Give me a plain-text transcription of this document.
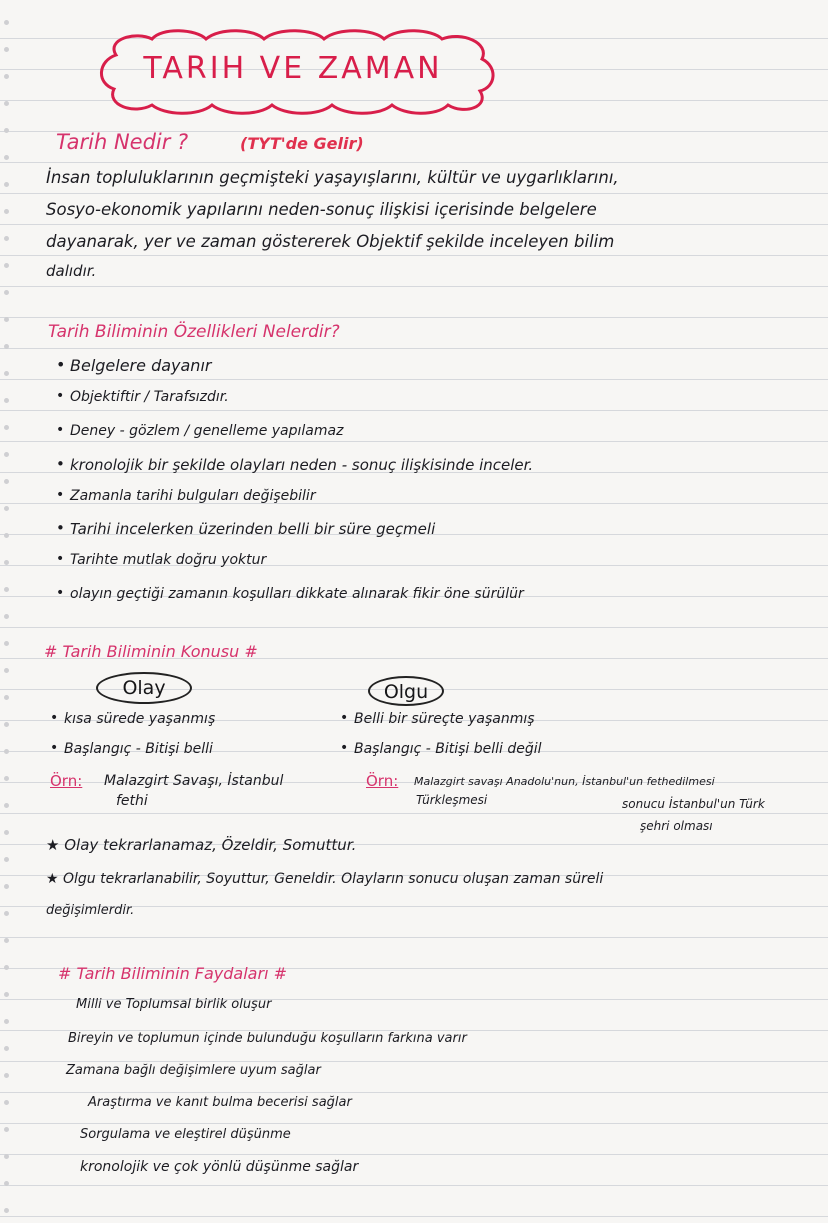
TARIH VE ZAMAN
Tarih Nedir ?	(TYT'de Gelir)
İnsan topluluklarının geçmişteki yaşayışlarını, kültür ve uygarlıklarını,
Sosyo-ekonomik yapılarını neden-sonuç ilişkisi içerisinde belgelere
dayanarak, yer ve zaman göstererek Objektif şekilde inceleyen bilim
dalıdır.
Tarih Biliminin Özellikleri Nelerdir?
• Belgelere dayanır
• Objektiftir / Tarafsızdır.
• Deney - gözlem / genelleme yapılamaz
• kronolojik bir şekilde olayları neden - sonuç ilişkisinde inceler.
• Zamanla tarihi bulguları değişebilir
• Tarihi incelerken üzerinden belli bir süre geçmeli
• Tarihte mutlak doğru yoktur
• olayın geçtiği zamanın koşulları dikkate alınarak fikir öne sürülür
# Tarih Biliminin Konusu #
Olay	Olgu
• kısa sürede yaşanmış
• Başlangıç - Bitişi belli
Örn: Malazgirt Savaşı, İstanbul
fethi
• Belli bir süreçte yaşanmış
• Başlangıç - Bitişi belli değil
Örn: Malazgirt savaşı Anadolu'nun, İstanbul'un fethedilmesi
Türkleşmesi	sonucu İstanbul'un Türk
şehri olması
★ Olay tekrarlanamaz, Özeldir, Somuttur.
★ Olgu tekrarlanabilir, Soyuttur, Geneldir. Olayların sonucu oluşan zaman süreli
değişimlerdir.
# Tarih Biliminin Faydaları #
Milli ve Toplumsal birlik oluşur
Bireyin ve toplumun içinde bulunduğu koşulların farkına varır
Zamana bağlı değişimlere uyum sağlar
Araştırma ve kanıt bulma becerisi sağlar
Sorgulama ve eleştirel düşünme
kronolojik ve çok yönlü düşünme sağlar
